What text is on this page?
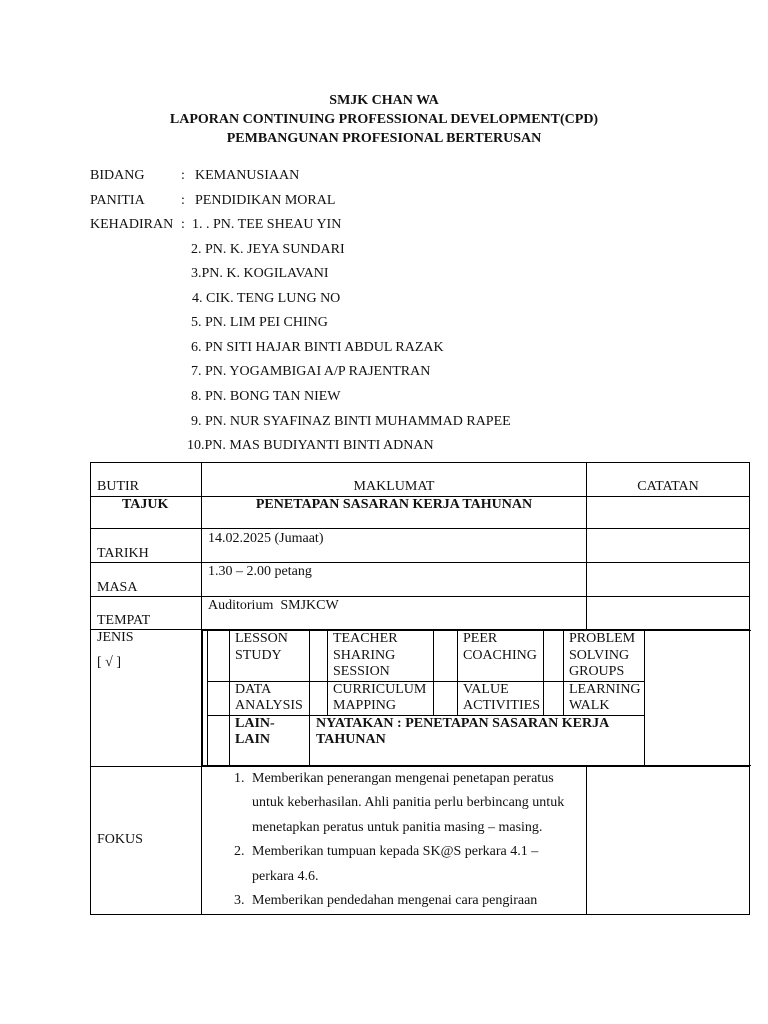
SMJK CHAN WA
LAPORAN CONTINUING PROFESSIONAL DEVELOPMENT(CPD)
PEMBANGUNAN PROFESIONAL BERTERUSAN
BIDANG	: KEMANUSIAAN
PANITIA	: PENDIDIKAN MORAL
KEHADIRAN : 1. . PN. TEE SHEAU YIN
2. PN. K. JEYA SUNDARI
3.PN. K. KOGILAVANI
4. CIK. TENG LUNG NO
5. PN. LIM PEI CHING
6. PN SITI HAJAR BINTI ABDUL RAZAK
7. PN. YOGAMBIGAI A/P RAJENTRAN
8. PN. BONG TAN NIEW
9. PN. NUR SYAFINAZ BINTI MUHAMMAD RAPEE
10.PN. MAS BUDIYANTI BINTI ADNAN
BUTIR	MAKLUMAT	CATATAN
TAJUK	PENETAPAN SASARAN KERJA TAHUNAN	
TARIKH	14.02.2025 (Jumaat)	
MASA	1.30 – 2.00 petang	
TEMPAT	Auditorium  SMJKCW	

JENIS
[ √ ]

		LESSON STUDY		TEACHER SHARING SESSION		PEER COACHING		PROBLEM SOLVING GROUPS	
	DATA ANALYSIS		CURRICULUM MAPPING		VALUE ACTIVITIES		LEARNING WALK
	LAIN-LAIN	NYATAKAN : PENETAPAN SASARAN KERJA TAHUNAN

FOKUS	
1. Memberikan penerangan mengenai penetapan peratus untuk keberhasilan. Ahli panitia perlu berbincang untuk menetapkan peratus untuk panitia masing – masing.
2. Memberikan tumpuan kepada SK@S perkara 4.1 – perkara 4.6.
3. Memberikan pendedahan mengenai cara pengiraan
